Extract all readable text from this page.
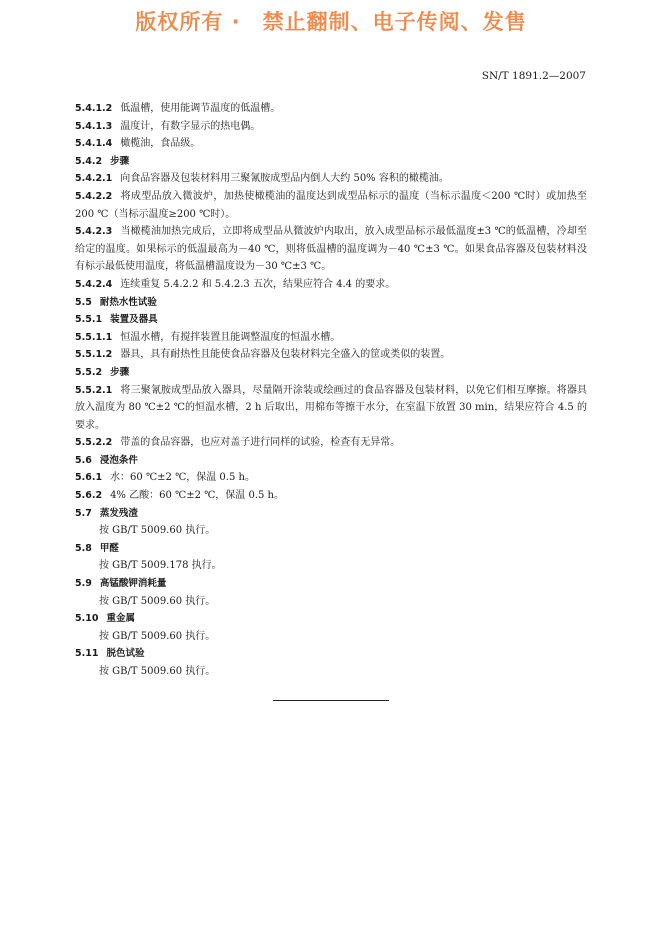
版权所有 ·　禁止翻制、电子传阅、发售
SN/T 1891.2—2007
5.4.1.2 低温槽，使用能调节温度的低温槽。
5.4.1.3 温度计，有数字显示的热电偶。
5.4.1.4 橄榄油，食品级。
5.4.2 步骤
5.4.2.1 向食品容器及包装材料用三聚氰胺成型品内倒人大约 50% 容积的橄榄油。
5.4.2.2 将成型品放入微波炉，加热使橄榄油的温度达到成型品标示的温度（当标示温度＜200 ℃时）或加热至 200 ℃（当标示温度≥200 ℃时）。
5.4.2.3 当橄榄油加热完成后，立即将成型品从微波炉内取出，放入成型品标示最低温度±3 ℃的低温槽，冷却至给定的温度。如果标示的低温最高为－40 ℃，则将低温槽的温度调为－40 ℃±3 ℃。如果食品容器及包装材料没有标示最低使用温度，将低温槽温度设为－30 ℃±3 ℃。
5.4.2.4 连续重复 5.4.2.2 和 5.4.2.3 五次，结果应符合 4.4 的要求。
5.5 耐热水性试验
5.5.1 装置及器具
5.5.1.1 恒温水槽，有搅拌装置且能调整温度的恒温水槽。
5.5.1.2 器具，具有耐热性且能使食品容器及包装材料完全盛入的筐或类似的装置。
5.5.2 步骤
5.5.2.1 将三聚氰胺成型品放入器具，尽量隔开涂装或绘画过的食品容器及包装材料，以免它们相互摩擦。将器具放入温度为 80 ℃±2 ℃的恒温水槽，2 h 后取出，用棉布等擦干水分，在室温下放置 30 min，结果应符合 4.5 的要求。
5.5.2.2 带盖的食品容器，也应对盖子进行同样的试验，检查有无异常。
5.6 浸泡条件
5.6.1 水：60 ℃±2 ℃，保温 0.5 h。
5.6.2 4% 乙酸：60 ℃±2 ℃，保温 0.5 h。
5.7 蒸发残渣
按 GB/T 5009.60 执行。
5.8 甲醛
按 GB/T 5009.178 执行。
5.9 高锰酸钾消耗量
按 GB/T 5009.60 执行。
5.10 重金属
按 GB/T 5009.60 执行。
5.11 脱色试验
按 GB/T 5009.60 执行。
